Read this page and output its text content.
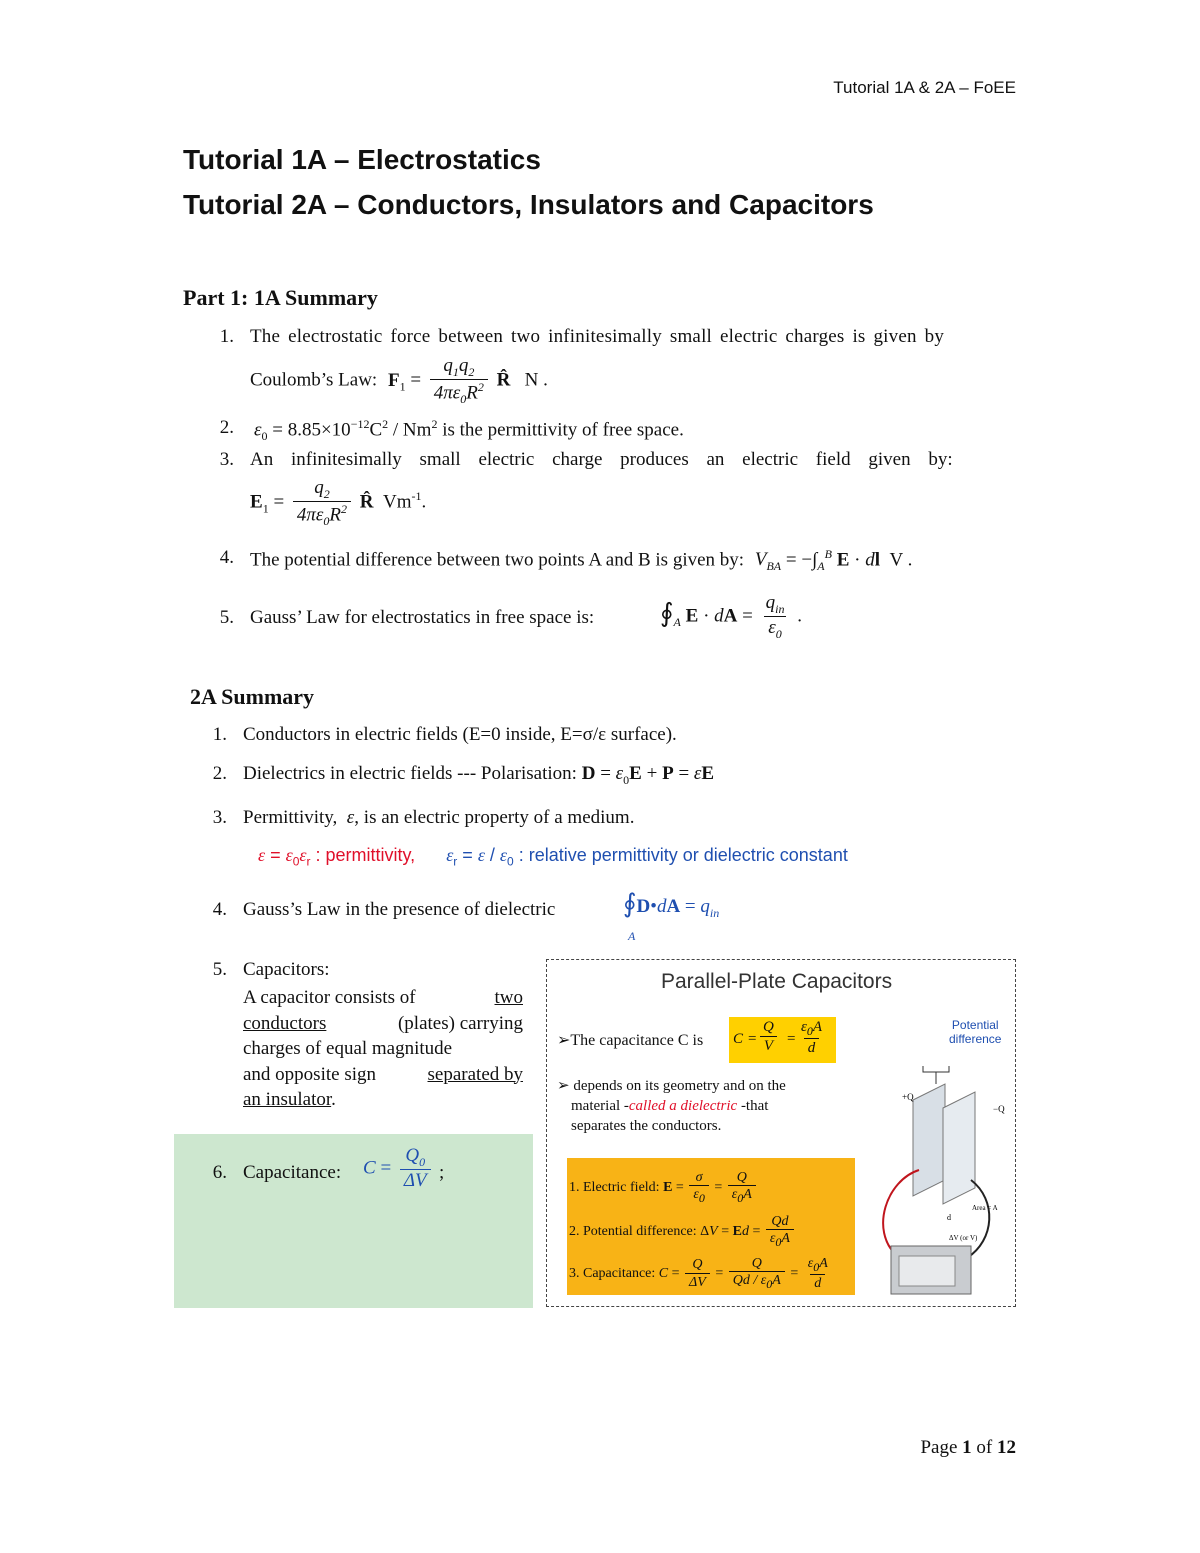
Tutorial 1A & 2A – FoEE
Tutorial 1A – Electrostatics
Tutorial 2A – Conductors, Insulators and Capacitors
Part 1: 1A Summary
1. The electrostatic force between two infinitesimally small electric charges is given by
Coulomb’s Law: $F_1 = \frac{q_1q_2}{4\pi\varepsilon_0R^2}$ R̂   N .
2. $\varepsilon_0 = 8.85\times 10^{-12}C^2 / Nm^2$ is the permittivity of free space.
3. An infinitesimally small electric charge produces an electric field given by:
$E_1 = \frac{q_2}{4\pi\varepsilon_0R^2}$ R̂  $Vm^{-1}$.
4. The potential difference between two points A and B is given by: $V_{BA} = -\int_A^B$ E · dl  V .
5. Gauss’ Law for electrostatics in free space is:	$∮_A$ E · dA = $\frac{q_{in}}{\varepsilon_0}$ .
2A Summary
1. Conductors in electric fields (E=0 inside, E=σ/ε surface).
2. Dielectrics in electric fields --- Polarisation: $D = \varepsilon_0E + P = \varepsilon E$
3. Permittivity,  ε, is an electric property of a medium.
$\varepsilon = \varepsilon_0\varepsilon_r$ : permittivity, $\varepsilon_r = \varepsilon / \varepsilon_0$ : relative permittivity or dielectric constant
4. Gauss’s Law in the presence of dielectric	∮D•dA = $q_{in}$
A
5. Capacitors:
A capacitor consists of	two
conductors	(plates) carrying
charges of equal magnitude
and opposite sign	separated by
an insulator.
6. Capacitance: $C = \frac{Q_0}{\Delta V}$ ;
Parallel-Plate Capacitors
➢The capacitance C is $C = \frac{Q}{V} = \frac{\varepsilon_0A}{d}$
➢ depends on its geometry and on the
material -called a dielectric -that
separates the conductors.
1. Electric field: $E = \frac{\sigma}{\varepsilon_0} = \frac{Q}{\varepsilon_0A}$
2. Potential difference: $\Delta V = Ed = \frac{Qd}{\varepsilon_0A}$
3. Capacitance: $C = \frac{Q}{\Delta V} = \frac{Q}{Qd / \varepsilon_0A} = \frac{\varepsilon_0A}{d}$
Potential
difference
+Q
−Q
Area = A
d
ΔV (or V)
Page 1 of 12
